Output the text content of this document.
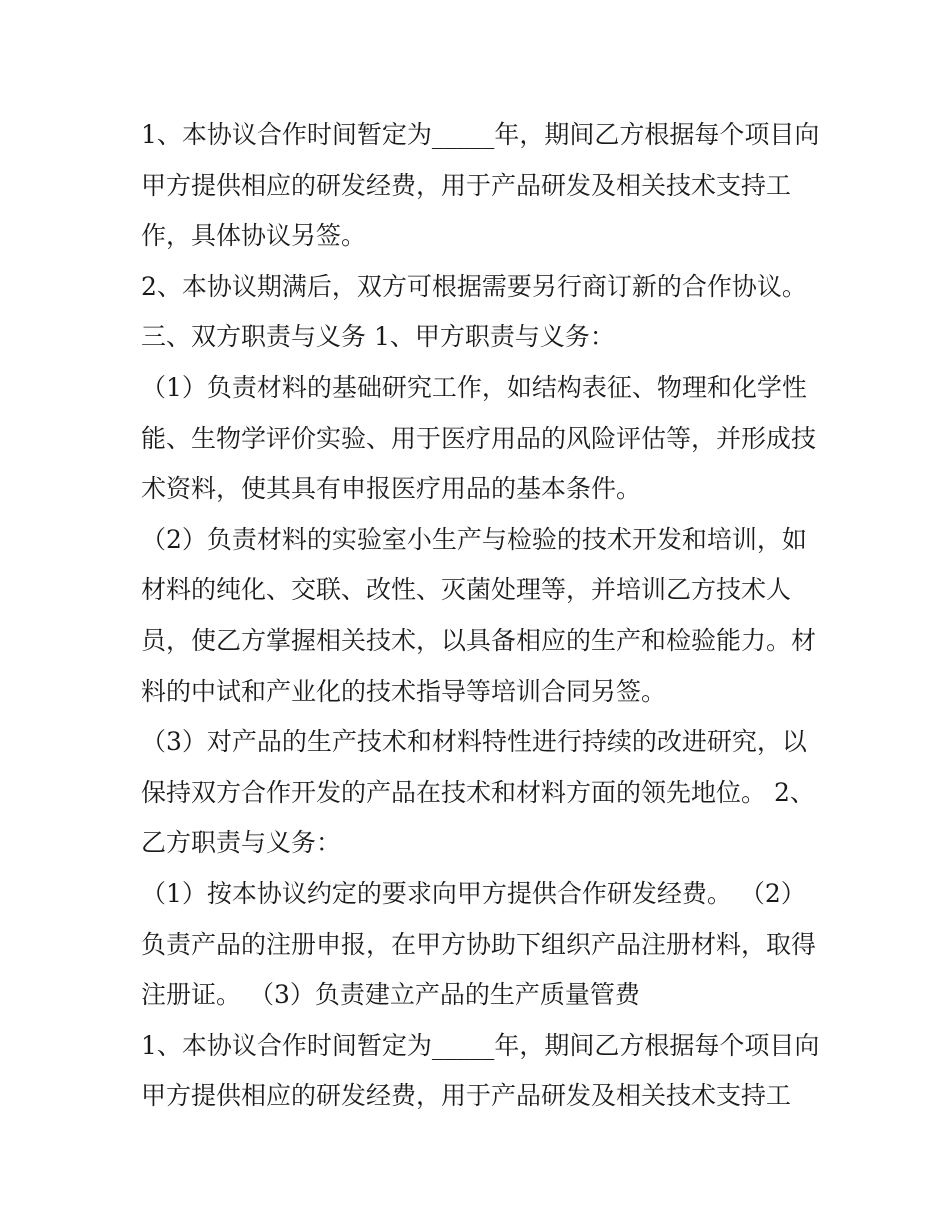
1、本协议合作时间暂定为_____年，期间乙方根据每个项目向
甲方提供相应的研发经费，用于产品研发及相关技术支持工
作，具体协议另签。
2、本协议期满后，双方可根据需要另行商订新的合作协议。
三、双方职责与义务 1、甲方职责与义务：
（1）负责材料的基础研究工作，如结构表征、物理和化学性
能、生物学评价实验、用于医疗用品的风险评估等，并形成技
术资料，使其具有申报医疗用品的基本条件。
（2）负责材料的实验室小生产与检验的技术开发和培训，如
材料的纯化、交联、改性、灭菌处理等，并培训乙方技术人
员，使乙方掌握相关技术，以具备相应的生产和检验能力。材
料的中试和产业化的技术指导等培训合同另签。
（3）对产品的生产技术和材料特性进行持续的改进研究，以
保持双方合作开发的产品在技术和材料方面的领先地位。 2、
乙方职责与义务：
（1）按本协议约定的要求向甲方提供合作研发经费。 （2）
负责产品的注册申报，在甲方协助下组织产品注册材料，取得
注册证。 （3）负责建立产品的生产质量管费
1、本协议合作时间暂定为_____年，期间乙方根据每个项目向
甲方提供相应的研发经费，用于产品研发及相关技术支持工
